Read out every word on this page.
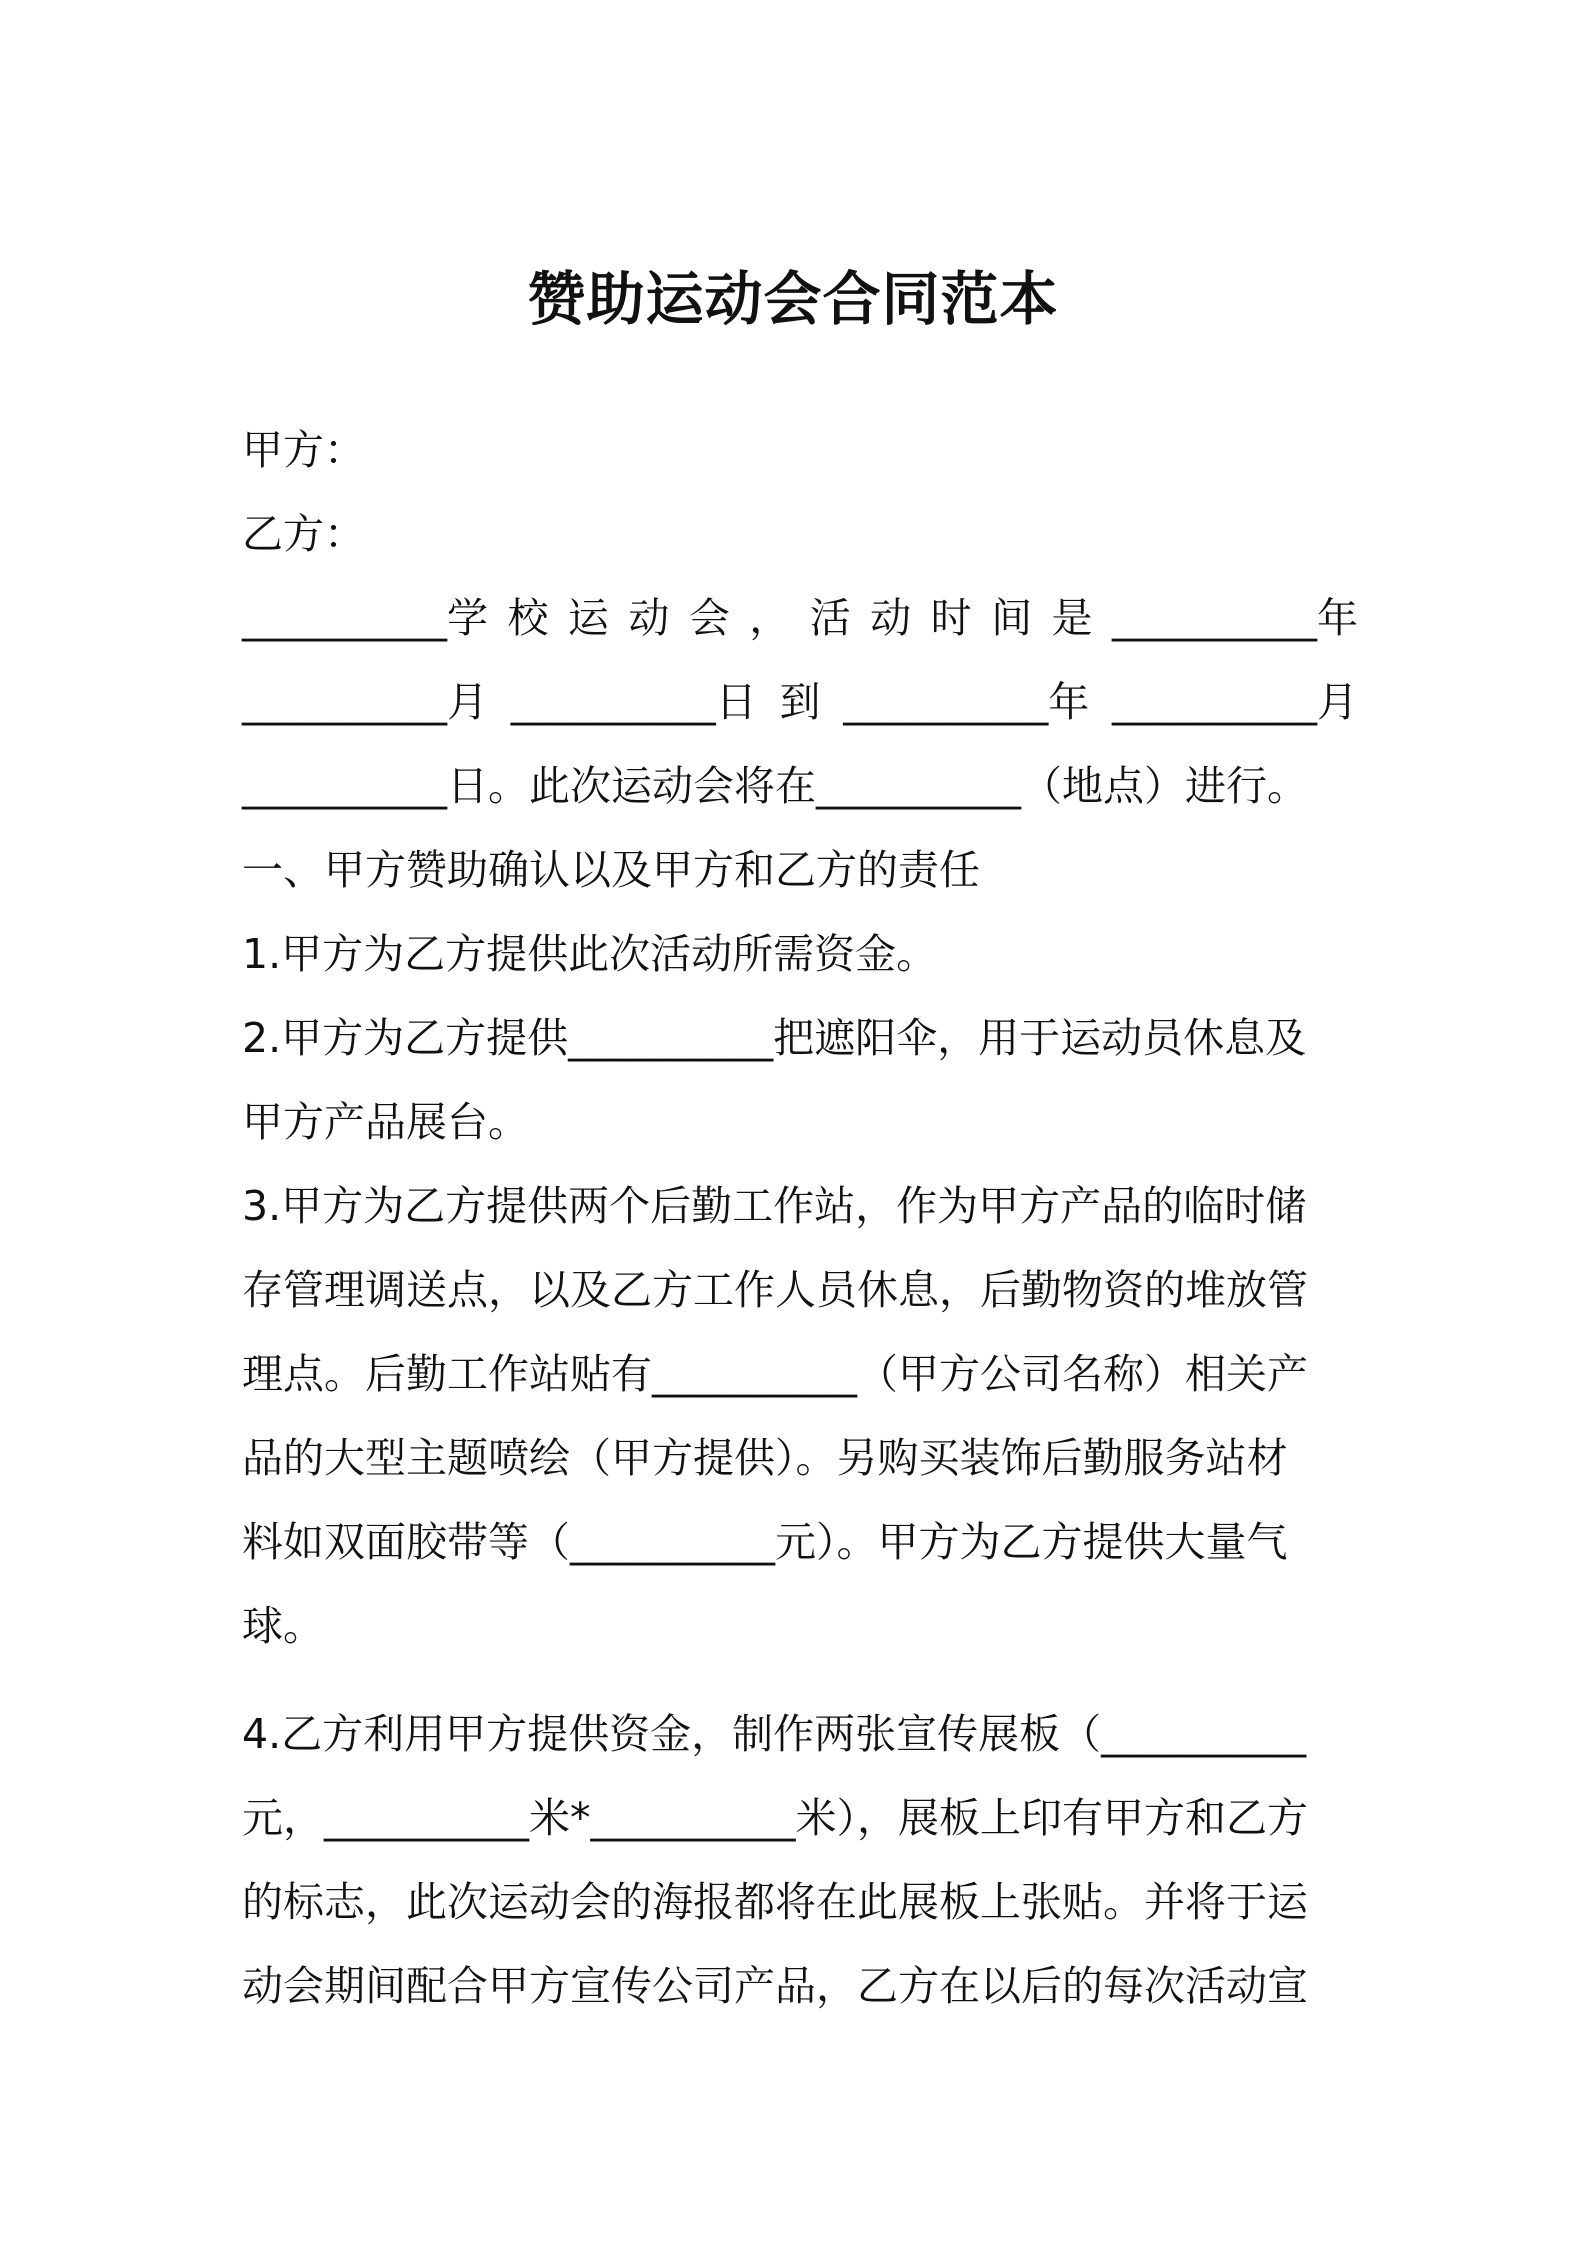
赞助运动会合同范本

甲方：

乙方：

__________学 校 运 动 会 ， 活 动 时 间 是 __________年
__________月 __________日 到 __________年 __________月

__________日。此次运动会将在__________（地点）进行。

一、甲方赞助确认以及甲方和乙方的责任

1.甲方为乙方提供此次活动所需资金。

2.甲方为乙方提供__________把遮阳伞，用于运动员休息及

甲方产品展台。

3.甲方为乙方提供两个后勤工作站，作为甲方产品的临时储

存管理调送点，以及乙方工作人员休息，后勤物资的堆放管

理点。后勤工作站贴有__________（甲方公司名称）相关产

品的大型主题喷绘（甲方提供）。另购买装饰后勤服务站材

料如双面胶带等（__________元）。甲方为乙方提供大量气

球。

4.乙方利用甲方提供资金，制作两张宣传展板（__________

元，__________米*__________米），展板上印有甲方和乙方

的标志，此次运动会的海报都将在此展板上张贴。并将于运

动会期间配合甲方宣传公司产品，乙方在以后的每次活动宣
